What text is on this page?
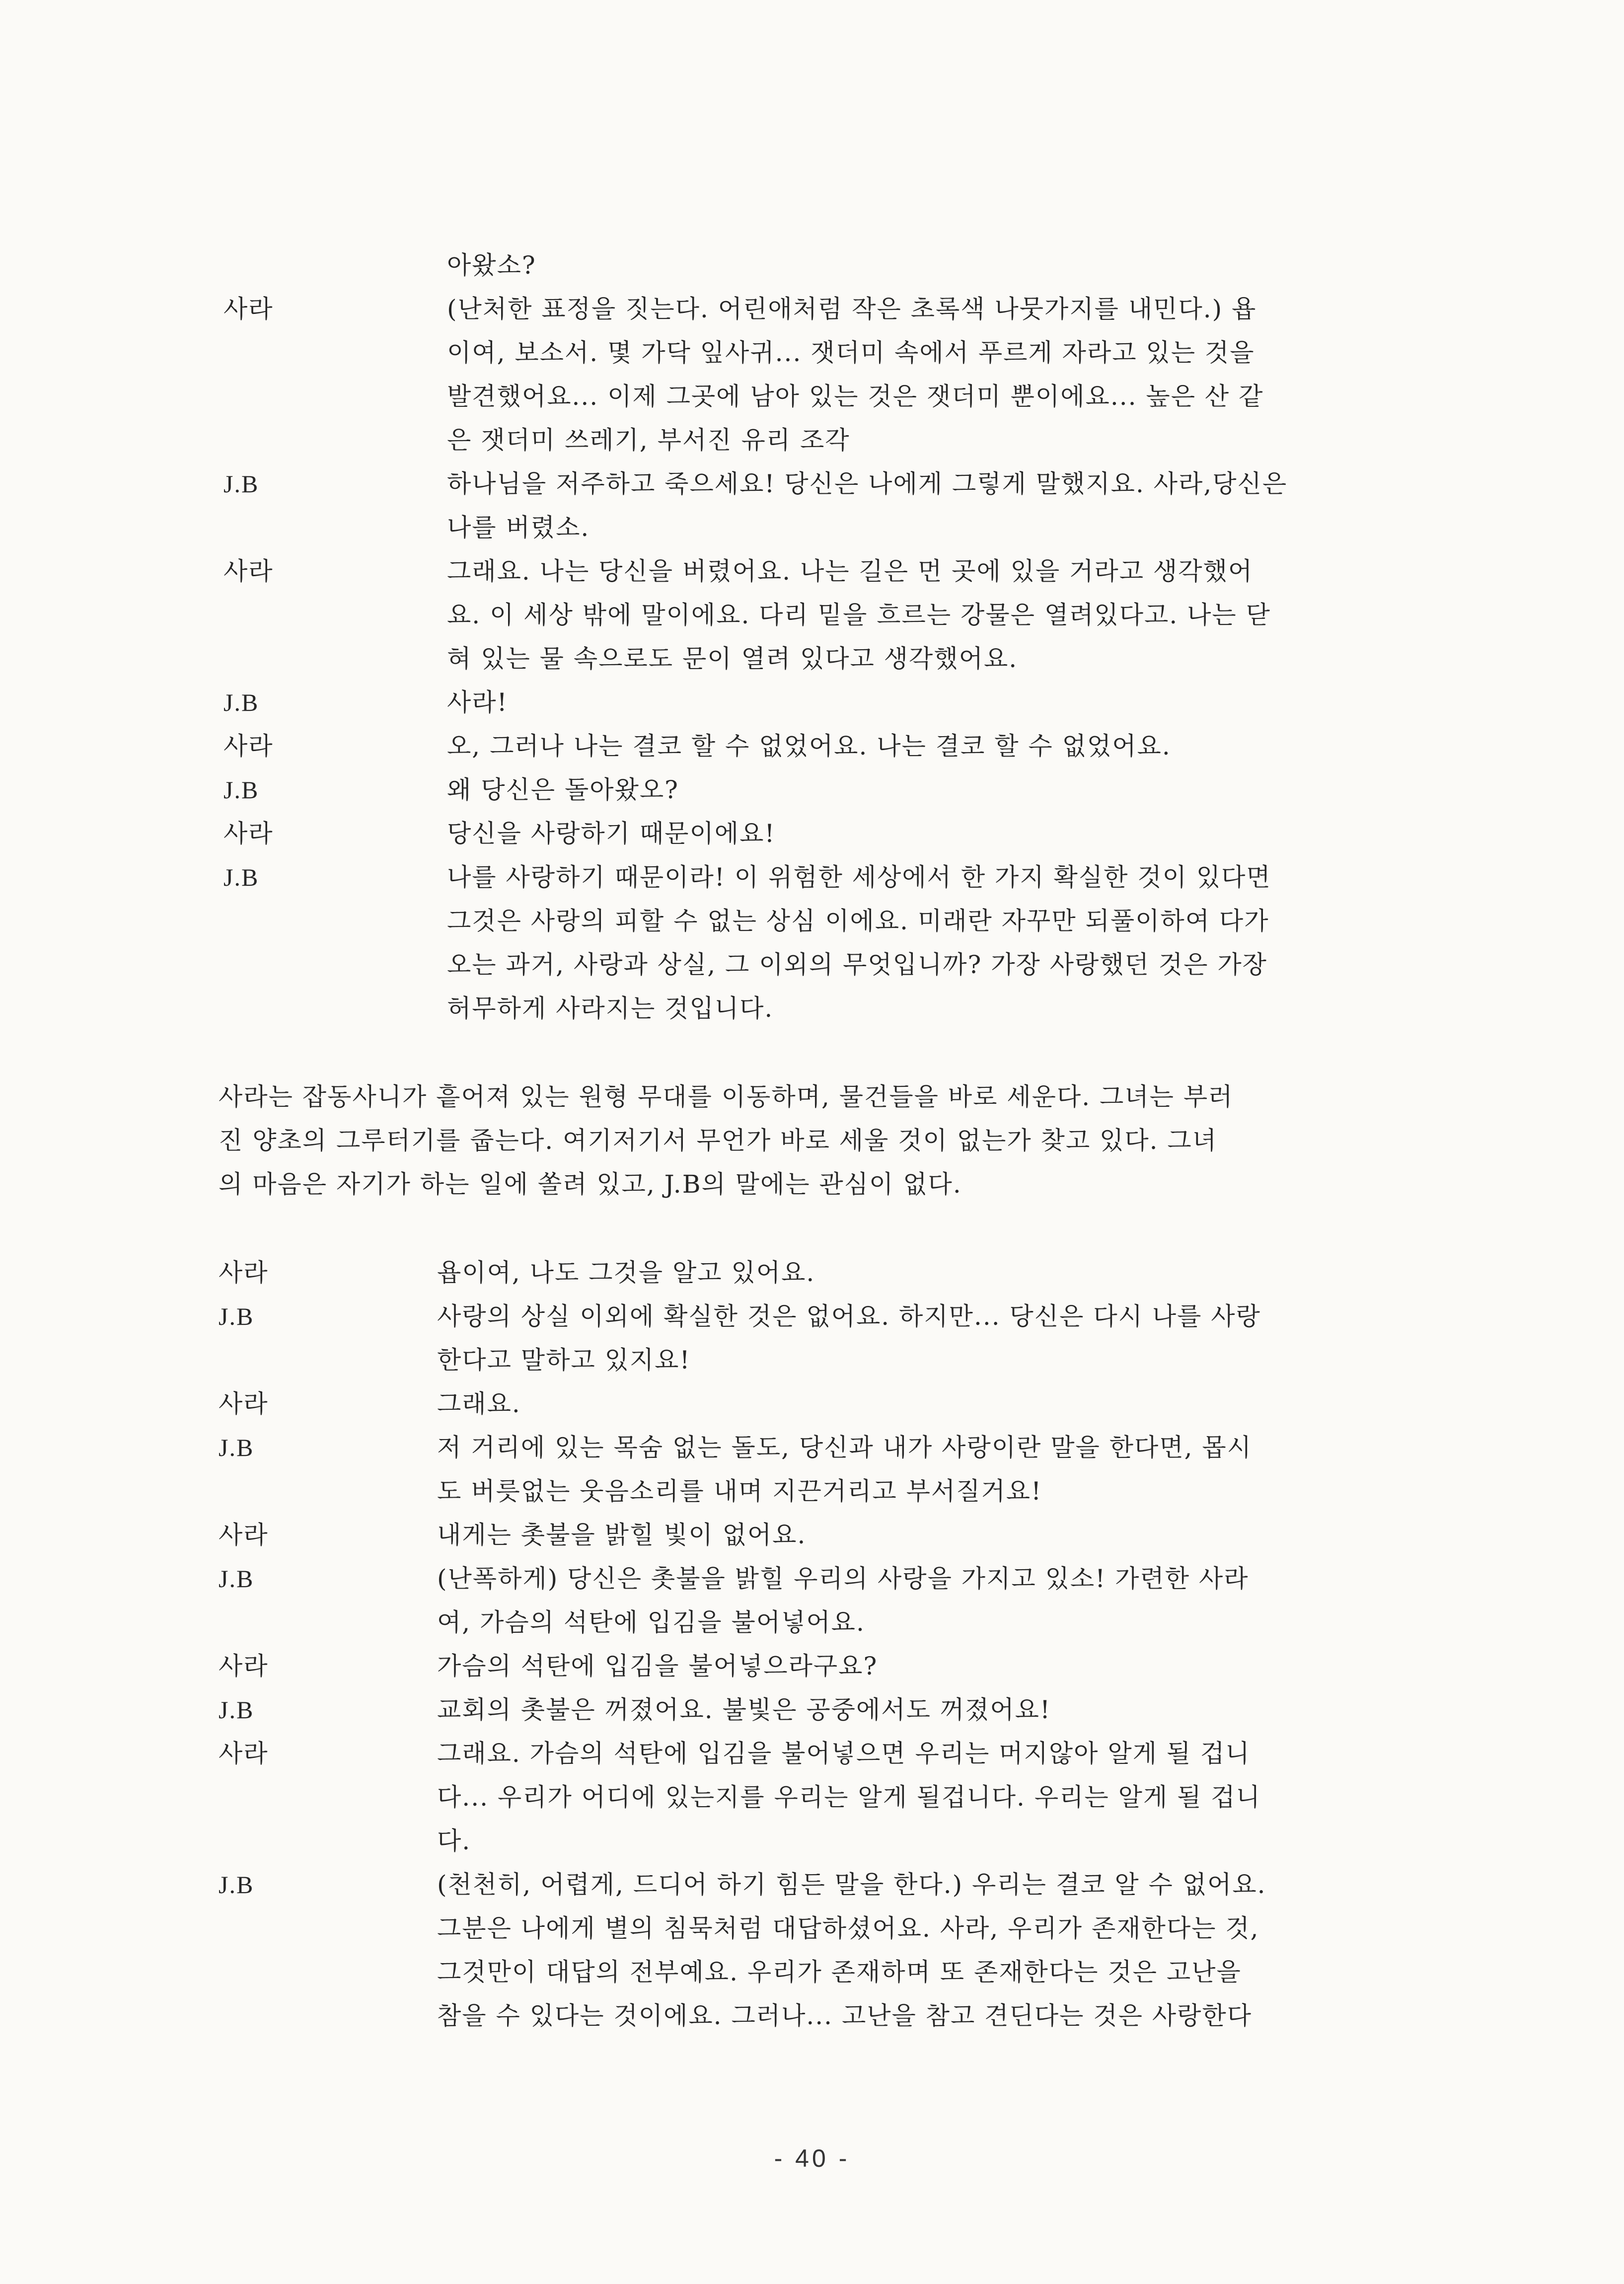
아왔소?
사라	(난처한 표정을 짓는다. 어린애처럼 작은 초록색 나뭇가지를 내민다.) 욥
이여, 보소서. 몇 가닥 잎사귀... 잿더미 속에서 푸르게 자라고 있는 것을
발견했어요... 이제 그곳에 남아 있는 것은 잿더미 뿐이에요... 높은 산 같
은 잿더미 쓰레기, 부서진 유리 조각
J.B	하나님을 저주하고 죽으세요! 당신은 나에게 그렇게 말했지요. 사라,당신은
나를 버렸소.
사라	그래요. 나는 당신을 버렸어요. 나는 길은 먼 곳에 있을 거라고 생각했어
요. 이 세상 밖에 말이에요. 다리 밑을 흐르는 강물은 열려있다고. 나는 닫
혀 있는 물 속으로도 문이 열려 있다고 생각했어요.
J.B	사라!
사라	오, 그러나 나는 결코 할 수 없었어요. 나는 결코 할 수 없었어요.
J.B	왜 당신은 돌아왔오?
사라	당신을 사랑하기 때문이에요!
J.B	나를 사랑하기 때문이라! 이 위험한 세상에서 한 가지 확실한 것이 있다면
그것은 사랑의 피할 수 없는 상심 이에요. 미래란 자꾸만 되풀이하여 다가
오는 과거, 사랑과 상실, 그 이외의 무엇입니까? 가장 사랑했던 것은 가장
허무하게 사라지는 것입니다.
사라는 잡동사니가 흩어져 있는 원형 무대를 이동하며, 물건들을 바로 세운다. 그녀는 부러
진 양초의 그루터기를 줍는다. 여기저기서 무언가 바로 세울 것이 없는가 찾고 있다. 그녀
의 마음은 자기가 하는 일에 쏠려 있고, J.B의 말에는 관심이 없다.
사라	욥이여, 나도 그것을 알고 있어요.
J.B	사랑의 상실 이외에 확실한 것은 없어요. 하지만... 당신은 다시 나를 사랑
한다고 말하고 있지요!
사라	그래요.
J.B	저 거리에 있는 목숨 없는 돌도, 당신과 내가 사랑이란 말을 한다면, 몹시
도 버릇없는 웃음소리를 내며 지끈거리고 부서질거요!
사라	내게는 촛불을 밝힐 빛이 없어요.
J.B	(난폭하게) 당신은 촛불을 밝힐 우리의 사랑을 가지고 있소! 가련한 사라
여, 가슴의 석탄에 입김을 불어넣어요.
사라	가슴의 석탄에 입김을 불어넣으라구요?
J.B	교회의 촛불은 꺼졌어요. 불빛은 공중에서도 꺼졌어요!
사라	그래요. 가슴의 석탄에 입김을 불어넣으면 우리는 머지않아 알게 될 겁니
다... 우리가 어디에 있는지를 우리는 알게 될겁니다. 우리는 알게 될 겁니
다.
J.B	(천천히, 어렵게, 드디어 하기 힘든 말을 한다.) 우리는 결코 알 수 없어요.
그분은 나에게 별의 침묵처럼 대답하셨어요. 사라, 우리가 존재한다는 것,
그것만이 대답의 전부예요. 우리가 존재하며 또 존재한다는 것은 고난을
참을 수 있다는 것이에요. 그러나... 고난을 참고 견딘다는 것은 사랑한다
- 40 -
